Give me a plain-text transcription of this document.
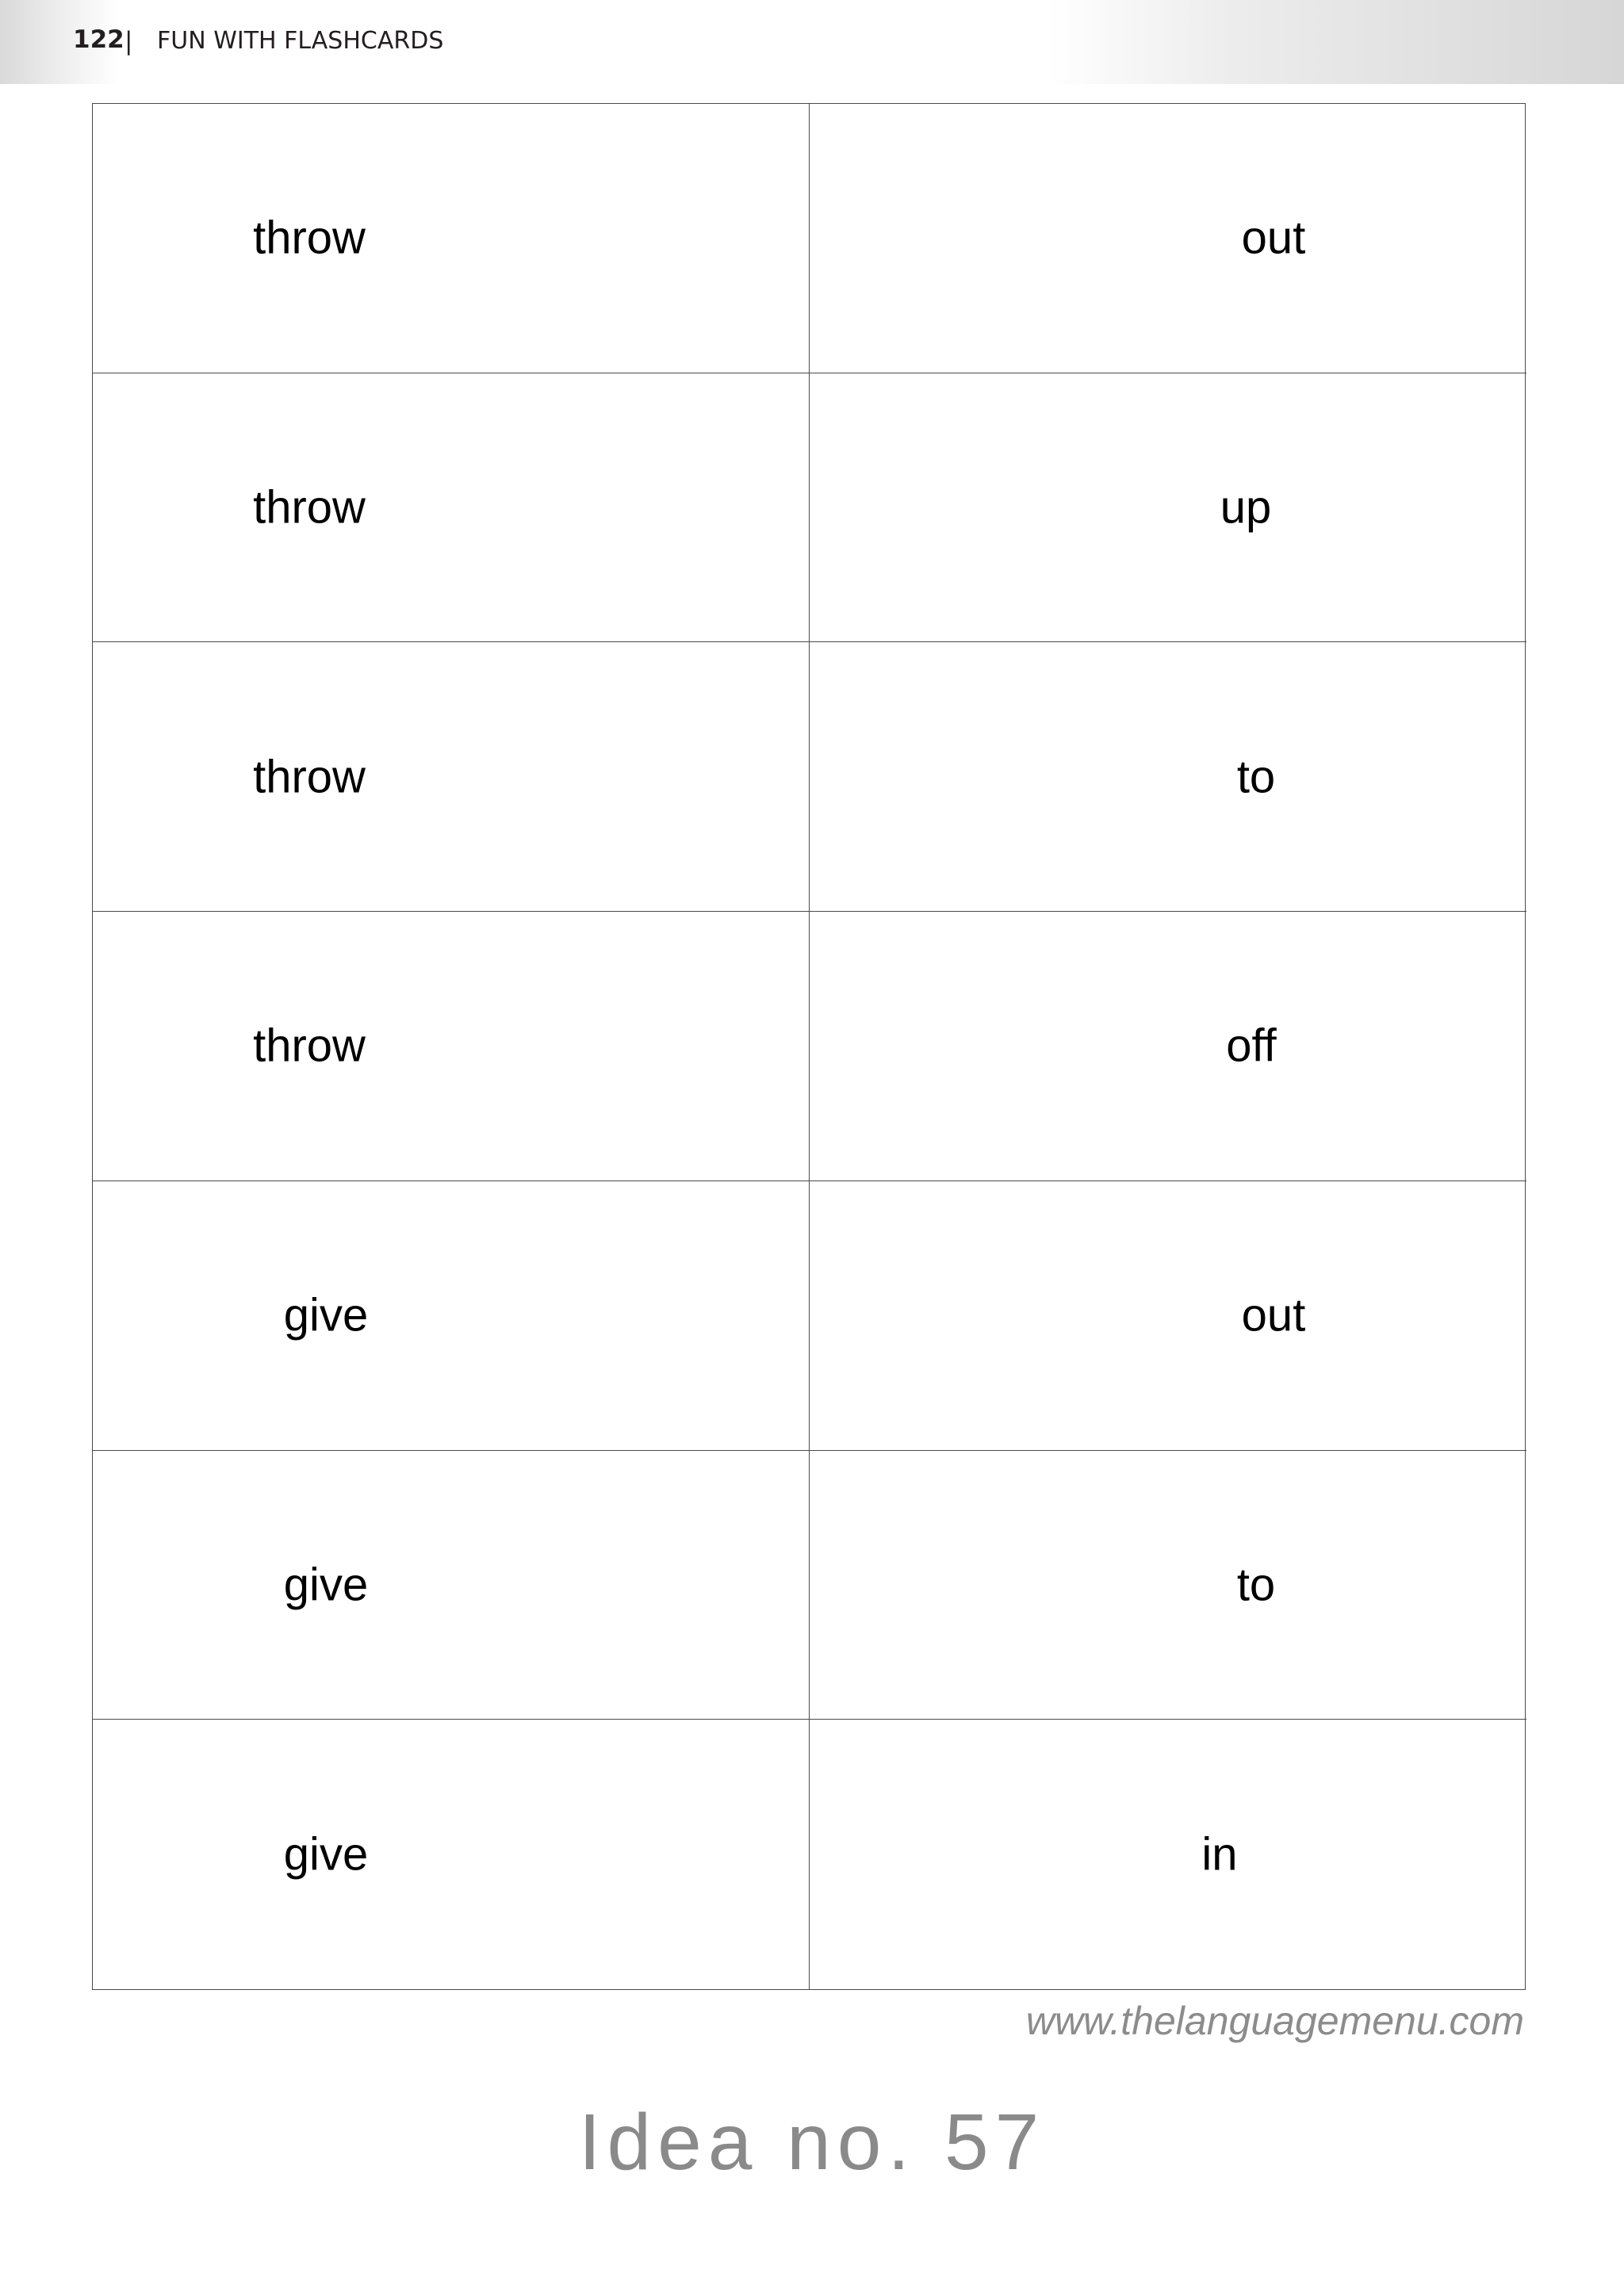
122 | FUN WITH FLASHCARDS
throw	out
throw	up
throw	to
throw	off
give	out
give	to
give	in
www.thelanguagemenu.com
Idea no. 57
